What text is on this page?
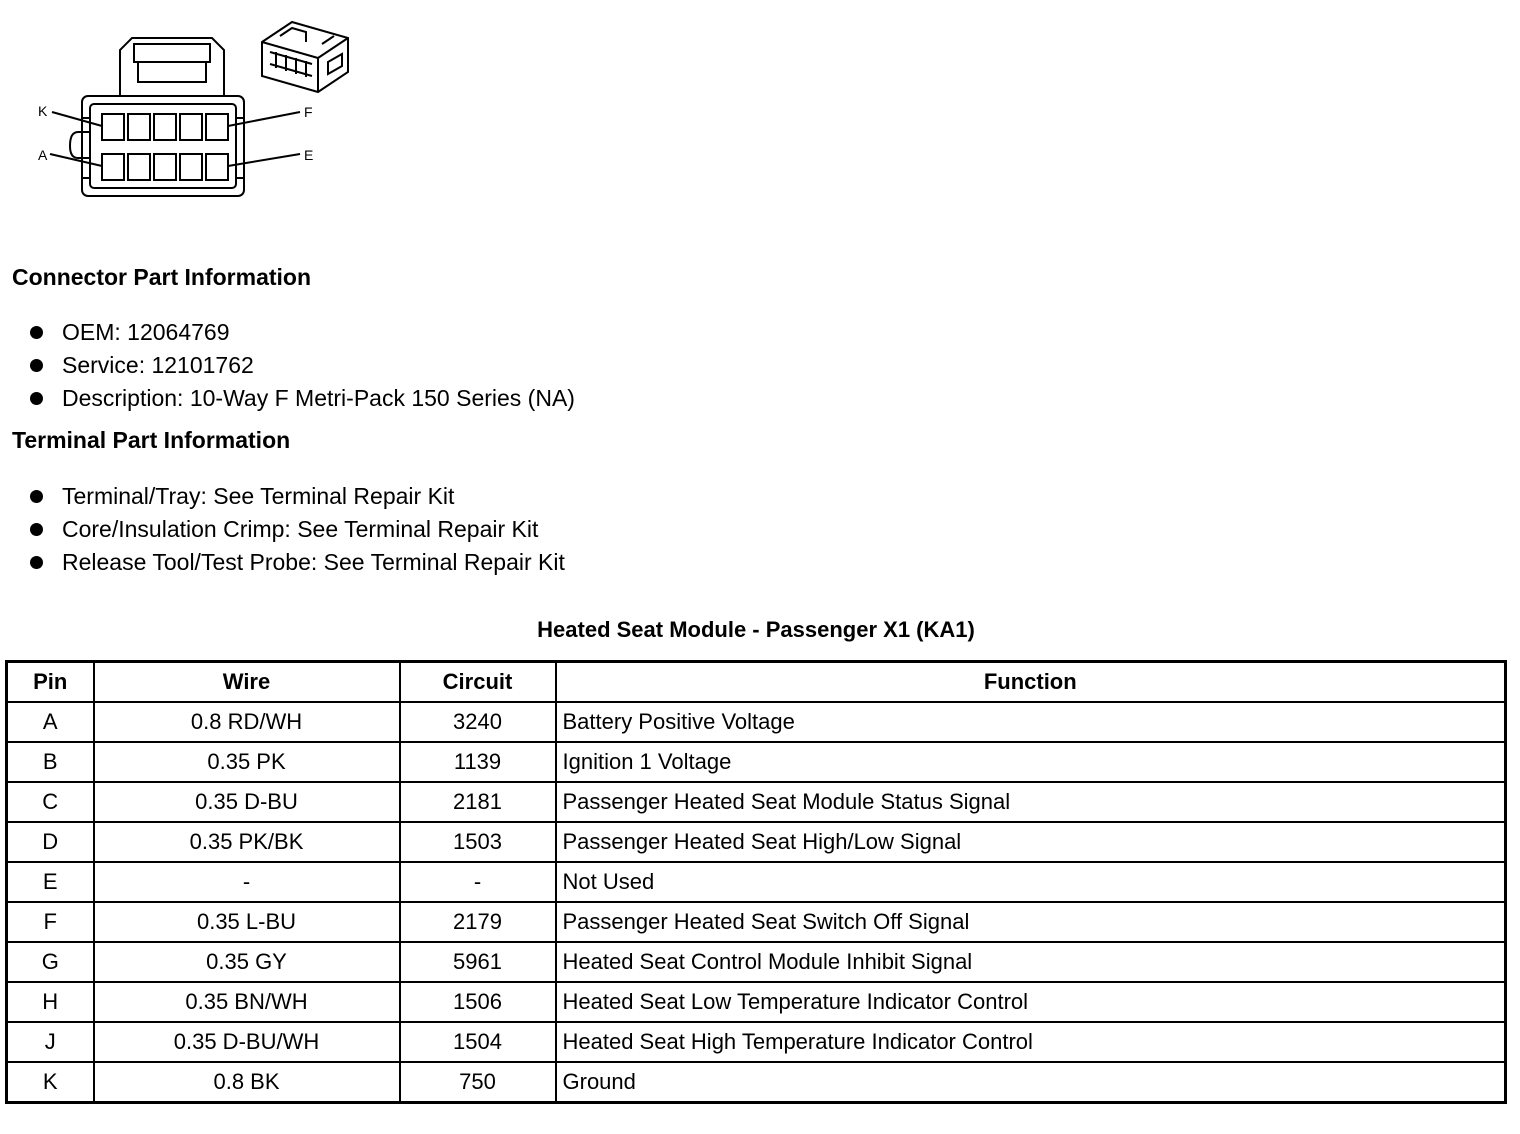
K
A
F
E
Connector Part Information
OEM: 12064769
Service: 12101762
Description: 10-Way F Metri-Pack 150 Series (NA)
Terminal Part Information
Terminal/Tray: See Terminal Repair Kit
Core/Insulation Crimp: See Terminal Repair Kit
Release Tool/Test Probe: See Terminal Repair Kit
Heated Seat Module - Passenger X1 (KA1)
Pin	Wire	Circuit	Function
A	0.8 RD/WH	3240	Battery Positive Voltage
B	0.35 PK	1139	Ignition 1 Voltage
C	0.35 D-BU	2181	Passenger Heated Seat Module Status Signal
D	0.35 PK/BK	1503	Passenger Heated Seat High/Low Signal
E	-	-	Not Used
F	0.35 L-BU	2179	Passenger Heated Seat Switch Off Signal
G	0.35 GY	5961	Heated Seat Control Module Inhibit Signal
H	0.35 BN/WH	1506	Heated Seat Low Temperature Indicator Control
J	0.35 D-BU/WH	1504	Heated Seat High Temperature Indicator Control
K	0.8 BK	750	Ground
